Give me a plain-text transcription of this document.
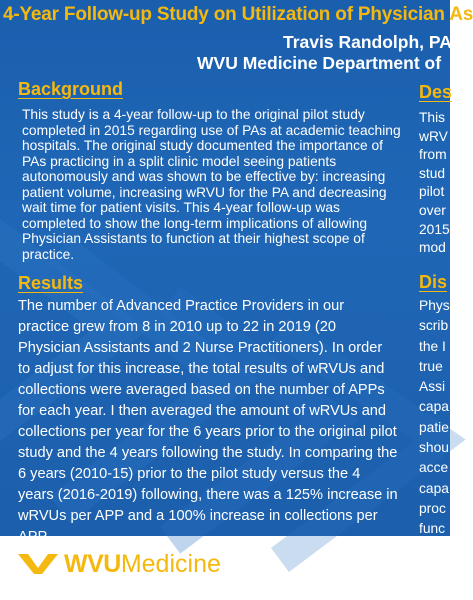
4-Year Follow-up Study on Utilization of Physician As
Travis Randolph, PA-
WVU Medicine Department of
Background
This study is a 4-year follow-up to the original pilot study completed in 2015 regarding use of PAs at academic teaching hospitals. The original study documented the importance of PAs practicing in a split clinic model seeing patients autonomously and was shown to be effective by: increasing patient volume, increasing wRVU for the PA and decreasing wait time for patient visits. This 4-year follow-up was completed to show the long-term implications of allowing Physician Assistants to function at their highest scope of practice.
Results
The number of Advanced Practice Providers in our practice grew from 8 in 2010 up to 22 in 2019 (20 Physician Assistants and 2 Nurse Practitioners). In order to adjust for this increase, the total results of wRVUs and collections were averaged based on the number of APPs for each year. I then averaged the amount of wRVUs and collections per year for the 6 years prior to the original pilot study and the 4 years following the study. In comparing the 6 years (2010-15) prior to the pilot study versus the 4 years (2016-2019) following, there was a 125% increase in wRVUs per APP and a 100% increase in collections per APP.
Des
This
wRV
from
stud
pilot
over
2015
mod
Dis
Phys
scrib
the I
true
Assi
capa
patie
shou
acce
capa
proc
func
WVU Medicine
